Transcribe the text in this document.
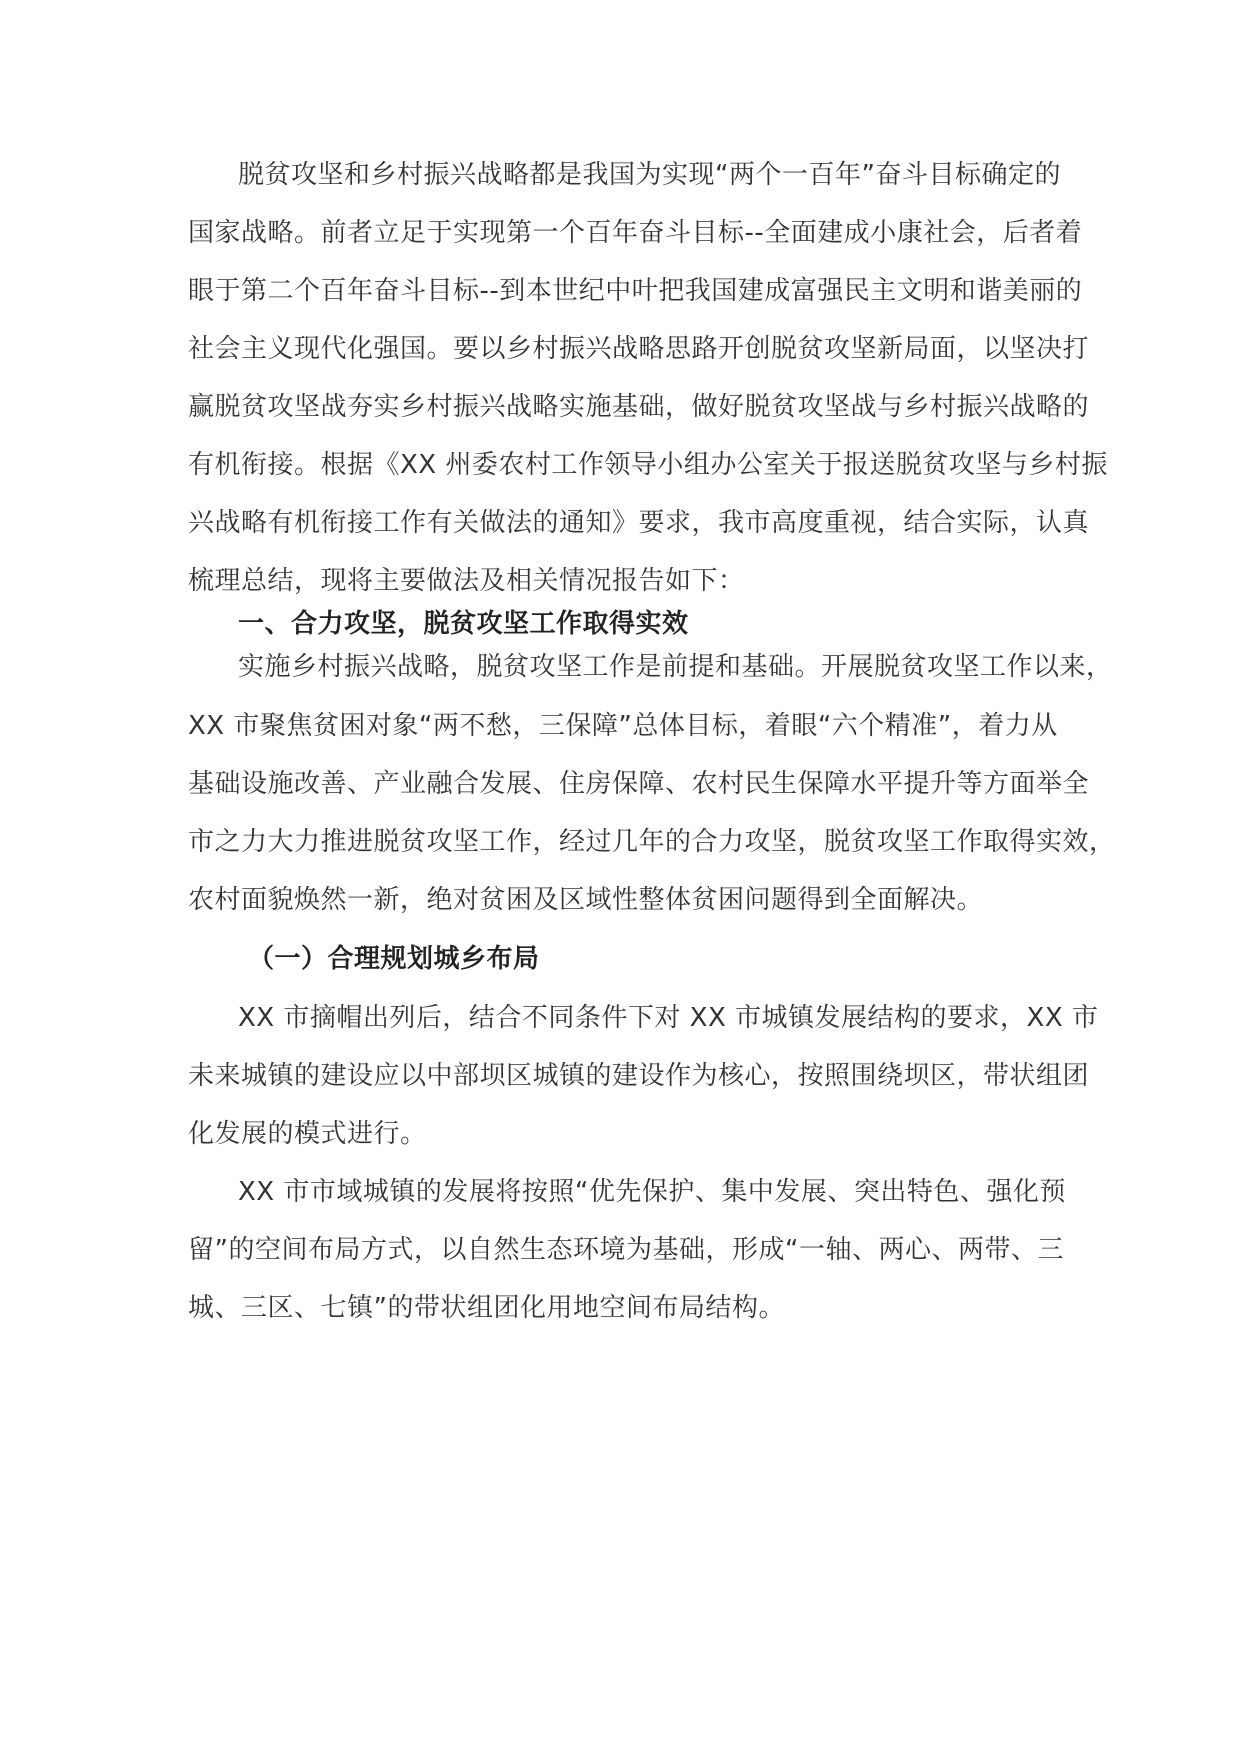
脱贫攻坚和乡村振兴战略都是我国为实现“两个一百年”奋斗目标确定的
国家战略。前者立足于实现第一个百年奋斗目标--全面建成小康社会，后者着
眼于第二个百年奋斗目标--到本世纪中叶把我国建成富强民主文明和谐美丽的
社会主义现代化强国。要以乡村振兴战略思路开创脱贫攻坚新局面，以坚决打
赢脱贫攻坚战夯实乡村振兴战略实施基础，做好脱贫攻坚战与乡村振兴战略的
有机衔接。根据《XX 州委农村工作领导小组办公室关于报送脱贫攻坚与乡村振
兴战略有机衔接工作有关做法的通知》要求，我市高度重视，结合实际，认真
梳理总结，现将主要做法及相关情况报告如下：
一、合力攻坚，脱贫攻坚工作取得实效
实施乡村振兴战略，脱贫攻坚工作是前提和基础。开展脱贫攻坚工作以来，
XX 市聚焦贫困对象“两不愁，三保障”总体目标，着眼“六个精准”，着力从
基础设施改善、产业融合发展、住房保障、农村民生保障水平提升等方面举全
市之力大力推进脱贫攻坚工作，经过几年的合力攻坚，脱贫攻坚工作取得实效，
农村面貌焕然一新，绝对贫困及区域性整体贫困问题得到全面解决。
（一）合理规划城乡布局
XX 市摘帽出列后，结合不同条件下对 XX 市城镇发展结构的要求，XX 市
未来城镇的建设应以中部坝区城镇的建设作为核心，按照围绕坝区，带状组团
化发展的模式进行。
XX 市市域城镇的发展将按照“优先保护、集中发展、突出特色、强化预
留”的空间布局方式，以自然生态环境为基础，形成“一轴、两心、两带、三
城、三区、七镇”的带状组团化用地空间布局结构。
